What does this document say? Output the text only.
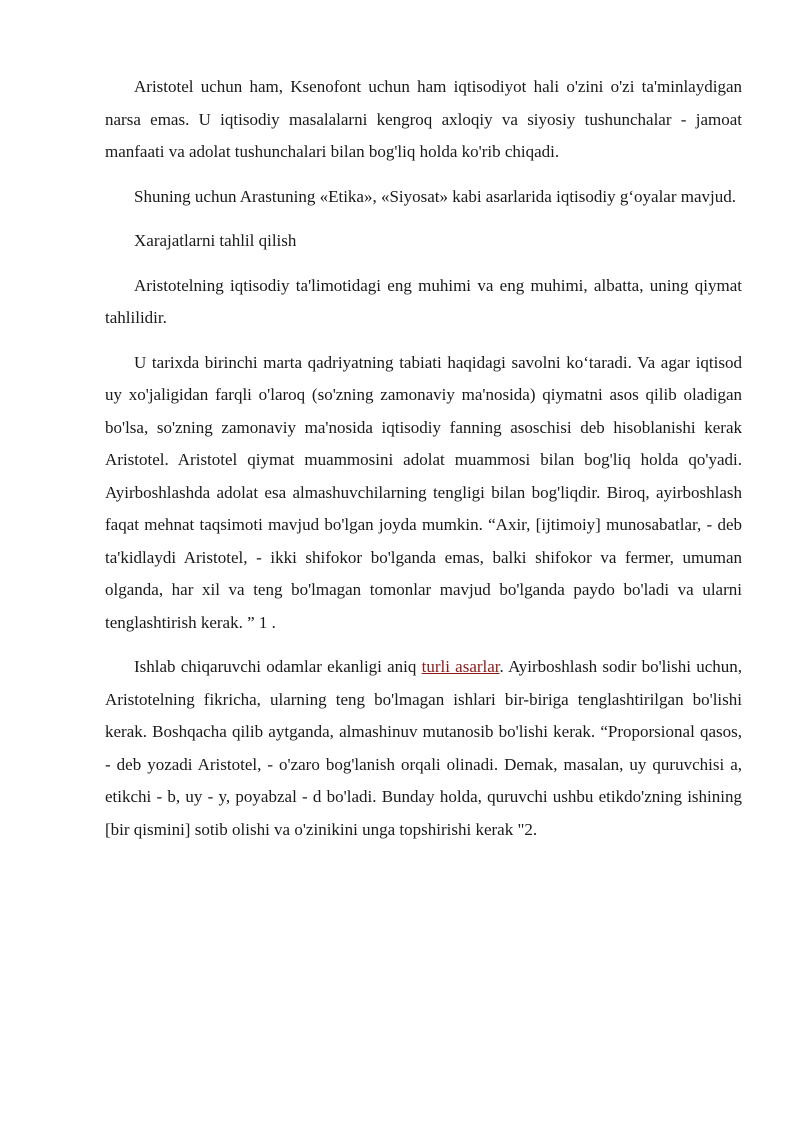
Aristotel uchun ham, Ksenofont uchun ham iqtisodiyot hali o'zini o'zi ta'minlaydigan narsa emas. U iqtisodiy masalalarni kengroq axloqiy va siyosiy tushunchalar - jamoat manfaati va adolat tushunchalari bilan bog'liq holda ko'rib chiqadi.

Shuning uchun Arastuning «Etika», «Siyosat» kabi asarlarida iqtisodiy gʻoyalar mavjud.

Xarajatlarni tahlil qilish

Aristotelning iqtisodiy ta'limotidagi eng muhimi va eng muhimi, albatta, uning qiymat tahlilidir.

U tarixda birinchi marta qadriyatning tabiati haqidagi savolni koʻtaradi. Va agar iqtisod uy xo'jaligidan farqli o'laroq (so'zning zamonaviy ma'nosida) qiymatni asos qilib oladigan bo'lsa, so'zning zamonaviy ma'nosida iqtisodiy fanning asoschisi deb hisoblanishi kerak Aristotel. Aristotel qiymat muammosini adolat muammosi bilan bog'liq holda qo'yadi. Ayirboshlashda adolat esa almashuvchilarning tengligi bilan bog'liqdir. Biroq, ayirboshlash faqat mehnat taqsimoti mavjud bo'lgan joyda mumkin. “Axir, [ijtimoiy] munosabatlar, - deb ta'kidlaydi Aristotel, - ikki shifokor bo'lganda emas, balki shifokor va fermer, umuman olganda, har xil va teng bo'lmagan tomonlar mavjud bo'lganda paydo bo'ladi va ularni tenglashtirish kerak. ” 1 .

Ishlab chiqaruvchi odamlar ekanligi aniq turli asarlar. Ayirboshlash sodir bo'lishi uchun, Aristotelning fikricha, ularning teng bo'lmagan ishlari bir-biriga tenglashtirilgan bo'lishi kerak. Boshqacha qilib aytganda, almashinuv mutanosib bo'lishi kerak. “Proporsional qasos, - deb yozadi Aristotel, - o'zaro bog'lanish orqali olinadi. Demak, masalan, uy quruvchisi a, etikchi - b, uy - y, poyabzal - d bo'ladi. Bunday holda, quruvchi ushbu etikdo'zning ishining [bir qismini] sotib olishi va o'zinikini unga topshirishi kerak "2.
